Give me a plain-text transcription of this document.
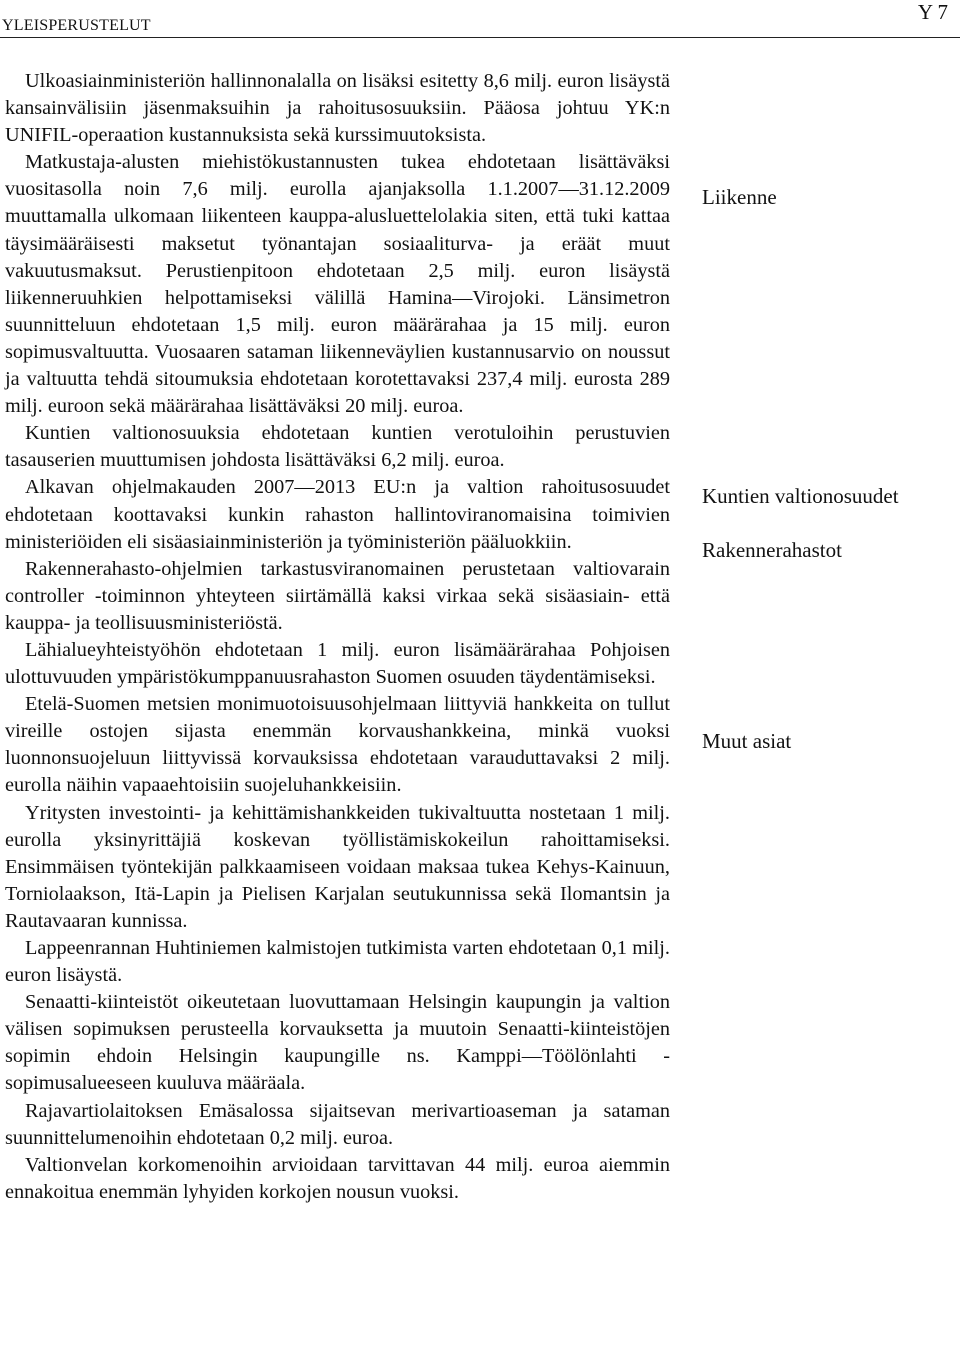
YLEISPERUSTELUT
Y 7

Ulkoasiainministeriön hallinnonalalla on lisäksi esitetty 8,6 milj. euron lisäystä kansainvälisiin jäsenmaksuihin ja rahoitusosuuksiin. Pääosa johtuu YK:n UNIFIL-operaation kustannuksista sekä kurssimuutoksista.

Matkustaja-alusten miehistökustannusten tukea ehdotetaan lisättäväksi vuositasolla noin 7,6 milj. eurolla ajanjaksolla 1.1.2007—31.12.2009 muuttamalla ulkomaan liikenteen kauppa-alusluettelolakia siten, että tuki kattaa täysimääräisesti maksetut työnantajan sosiaaliturva- ja eräät muut vakuutusmaksut. Perustienpitoon ehdotetaan 2,5 milj. euron lisäystä liikenneruuhkien helpottamiseksi välillä Hamina—Virojoki. Länsimetron suunnitteluun ehdotetaan 1,5 milj. euron määrärahaa ja 15 milj. euron sopimusvaltuutta. Vuosaaren sataman liikenneväylien kustannusarvio on noussut ja valtuutta tehdä sitoumuksia ehdotetaan korotettavaksi 237,4 milj. eurosta 289 milj. euroon sekä määrärahaa lisättäväksi 20 milj. euroa.

Kuntien valtionosuuksia ehdotetaan kuntien verotuloihin perustuvien tasauserien muuttumisen johdosta lisättäväksi 6,2 milj. euroa.

Alkavan ohjelmakauden 2007—2013 EU:n ja valtion rahoitusosuudet ehdotetaan koottavaksi kunkin rahaston hallintoviranomaisina toimivien ministeriöiden eli sisäasiainministeriön ja työministeriön pääluokkiin.

Rakennerahasto-ohjelmien tarkastusviranomainen perustetaan valtiovarain controller -toiminnon yhteyteen siirtämällä kaksi virkaa sekä sisäasiain- että kauppa- ja teollisuusministeriöstä.

Lähialueyhteistyöhön ehdotetaan 1 milj. euron lisämäärärahaa Pohjoisen ulottuvuuden ympäristökumppanuusrahaston Suomen osuuden täydentämiseksi.

Etelä-Suomen metsien monimuotoisuusohjelmaan liittyviä hankkeita on tullut vireille ostojen sijasta enemmän korvaushankkeina, minkä vuoksi luonnonsuojeluun liittyvissä korvauksissa ehdotetaan varauduttavaksi 2 milj. eurolla näihin vapaaehtoisiin suojeluhankkeisiin.

Yritysten investointi- ja kehittämishankkeiden tukivaltuutta nostetaan 1 milj. eurolla yksinyrittäjiä koskevan työllistämiskokeilun rahoittamiseksi. Ensimmäisen työntekijän palkkaamiseen voidaan maksaa tukea Kehys-Kainuun, Torniolaakson, Itä-Lapin ja Pielisen Karjalan seutukunnissa sekä Ilomantsin ja Rautavaaran kunnissa.

Lappeenrannan Huhtiniemen kalmistojen tutkimista varten ehdotetaan 0,1 milj. euron lisäystä.

Senaatti-kiinteistöt oikeutetaan luovuttamaan Helsingin kaupungin ja valtion välisen sopimuksen perusteella korvauksetta ja muutoin Senaatti-kiinteistöjen sopimin ehdoin Helsingin kaupungille ns. Kamppi—Töölönlahti -sopimusalueeseen kuuluva määräala.

Rajavartiolaitoksen Emäsalossa sijaitsevan merivartioaseman ja sataman suunnittelumenoihin ehdotetaan 0,2 milj. euroa.

Valtionvelan korkomenoihin arvioidaan tarvittavan 44 milj. euroa aiemmin ennakoitua enemmän lyhyiden korkojen nousun vuoksi.

Liikenne
Kuntien valtionosuudet
Rakennerahastot
Muut asiat
